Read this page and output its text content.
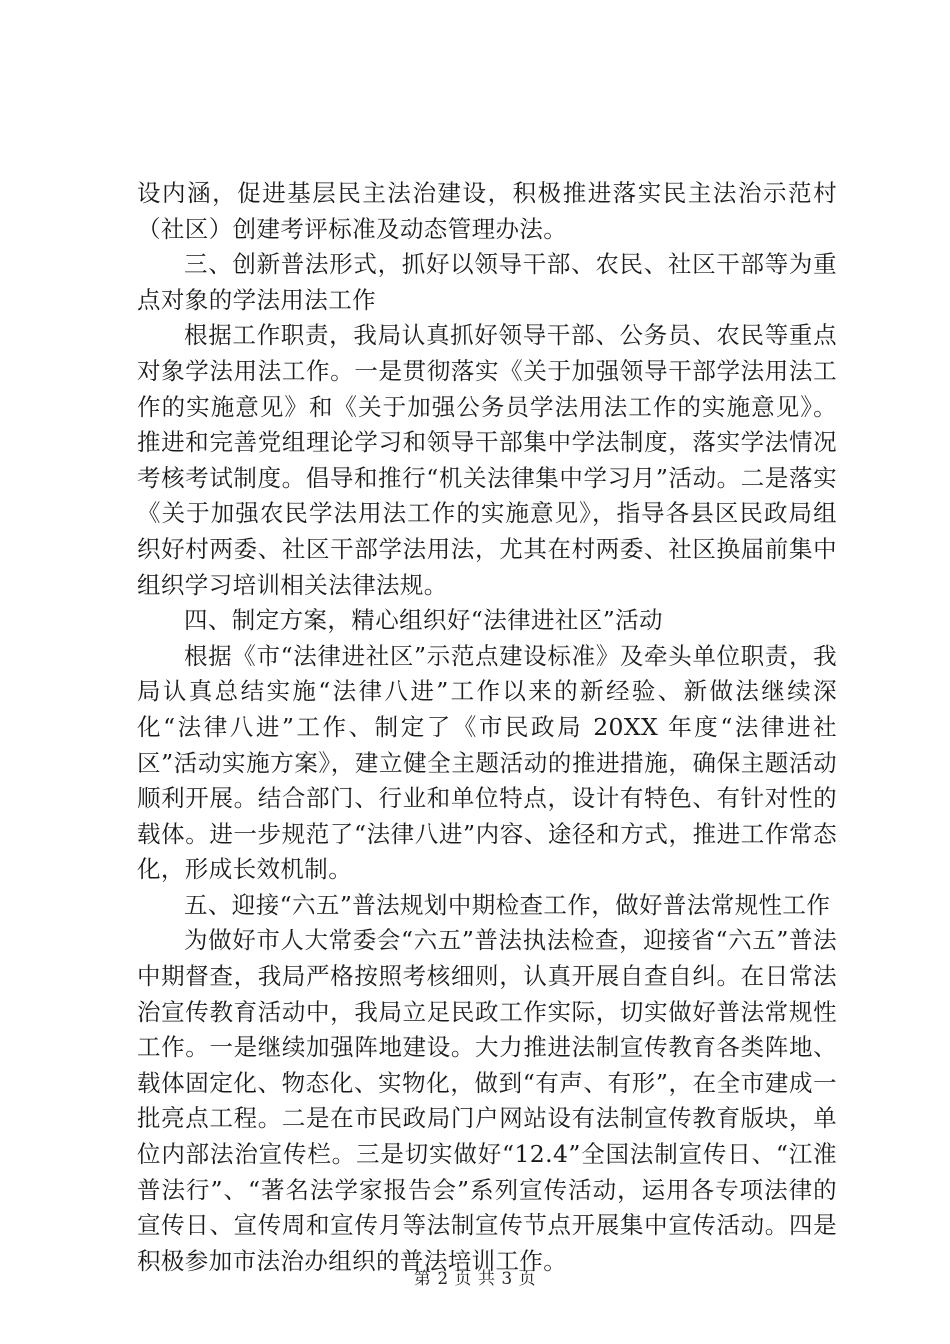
设内涵，促进基层民主法治建设，积极推进落实民主法治示范村（社区）创建考评标准及动态管理办法。

三、创新普法形式，抓好以领导干部、农民、社区干部等为重点对象的学法用法工作

根据工作职责，我局认真抓好领导干部、公务员、农民等重点对象学法用法工作。一是贯彻落实《关于加强领导干部学法用法工作的实施意见》和《关于加强公务员学法用法工作的实施意见》。推进和完善党组理论学习和领导干部集中学法制度，落实学法情况考核考试制度。倡导和推行“机关法律集中学习月”活动。二是落实《关于加强农民学法用法工作的实施意见》，指导各县区民政局组织好村两委、社区干部学法用法，尤其在村两委、社区换届前集中组织学习培训相关法律法规。

四、制定方案，精心组织好“法律进社区”活动

根据《市“法律进社区”示范点建设标准》及牵头单位职责，我局认真总结实施“法律八进”工作以来的新经验、新做法继续深化“法律八进”工作、制定了《市民政局 20XX 年度“法律进社区”活动实施方案》，建立健全主题活动的推进措施，确保主题活动顺利开展。结合部门、行业和单位特点，设计有特色、有针对性的载体。进一步规范了“法律八进”内容、途径和方式，推进工作常态化，形成长效机制。

五、迎接“六五”普法规划中期检查工作，做好普法常规性工作

为做好市人大常委会“六五”普法执法检查，迎接省“六五”普法中期督查，我局严格按照考核细则，认真开展自查自纠。在日常法治宣传教育活动中，我局立足民政工作实际，切实做好普法常规性工作。一是继续加强阵地建设。大力推进法制宣传教育各类阵地、载体固定化、物态化、实物化，做到“有声、有形”，在全市建成一批亮点工程。二是在市民政局门户网站设有法制宣传教育版块，单位内部法治宣传栏。三是切实做好“12.4”全国法制宣传日、“江淮普法行”、“著名法学家报告会”系列宣传活动，运用各专项法律的宣传日、宣传周和宣传月等法制宣传节点开展集中宣传活动。四是积极参加市法治办组织的普法培训工作。

第 2 页 共 3 页
